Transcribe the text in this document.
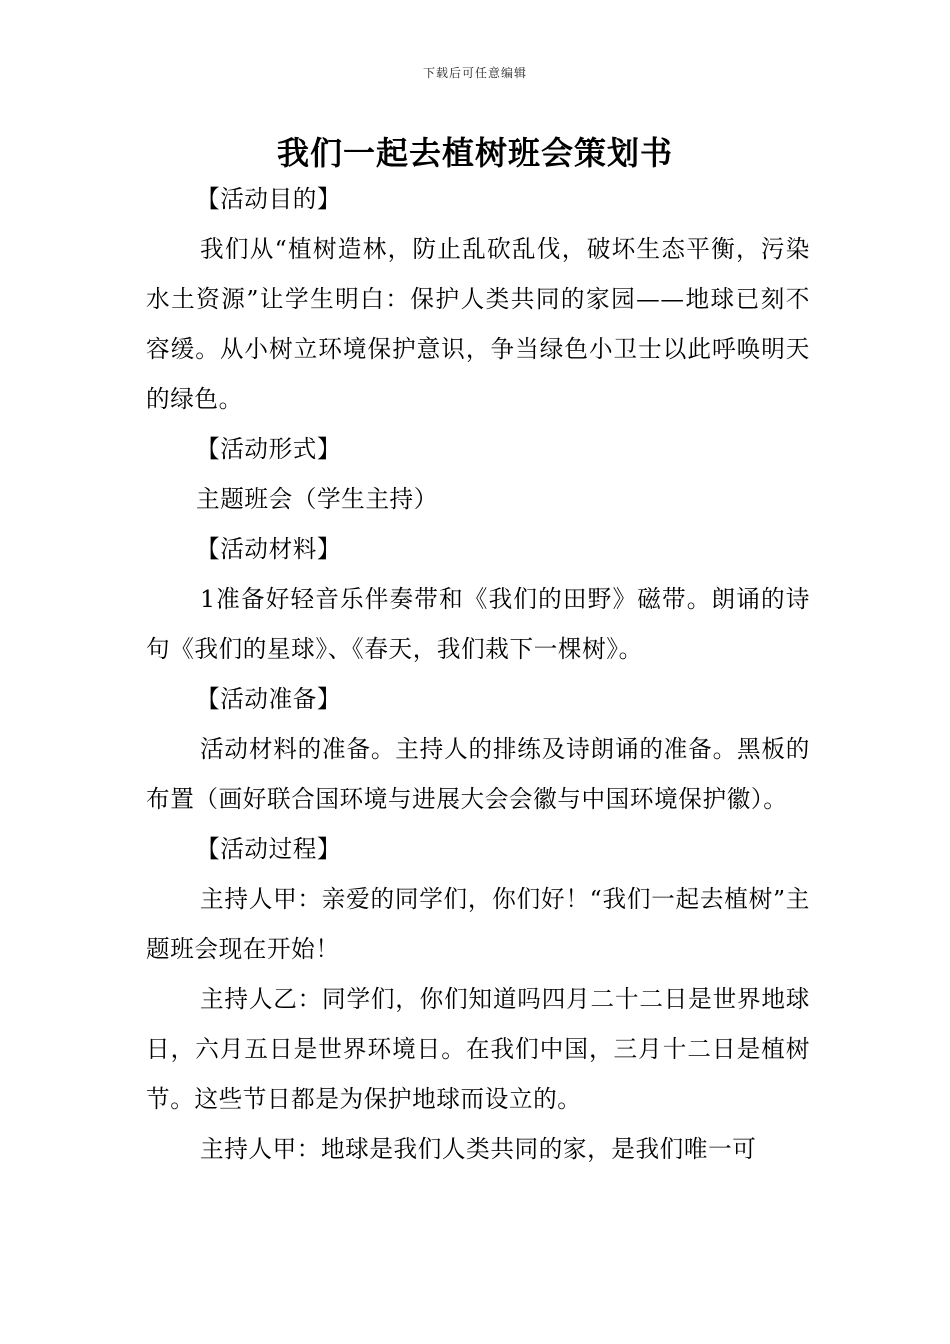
下载后可任意编辑
我们一起去植树班会策划书

【活动目的】

我们从“植树造林，防止乱砍乱伐，破坏生态平衡，污染水土资源”让学生明白：保护人类共同的家园——地球已刻不容缓。从小树立环境保护意识，争当绿色小卫士以此呼唤明天的绿色。

【活动形式】

主题班会（学生主持）

【活动材料】

1准备好轻音乐伴奏带和《我们的田野》磁带。朗诵的诗句《我们的星球》、《春天，我们栽下一棵树》。

【活动准备】

活动材料的准备。主持人的排练及诗朗诵的准备。黑板的布置（画好联合国环境与进展大会会徽与中国环境保护徽）。

【活动过程】

主持人甲：亲爱的同学们，你们好！“我们一起去植树”主题班会现在开始！

主持人乙：同学们，你们知道吗四月二十二日是世界地球日，六月五日是世界环境日。在我们中国，三月十二日是植树节。这些节日都是为保护地球而设立的。

主持人甲：地球是我们人类共同的家，是我们唯一可
